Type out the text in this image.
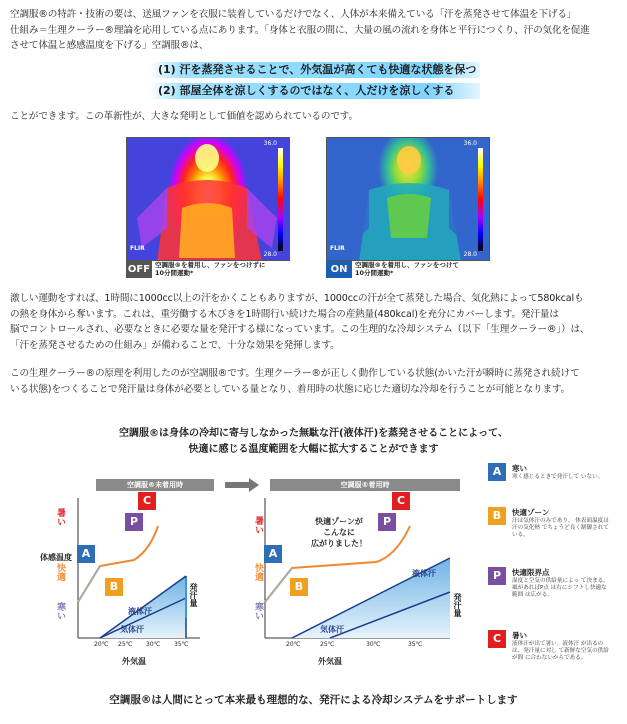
空調服®の特許・技術の要は、送風ファンを衣服に装着しているだけでなく、人体が本来備えている「汗を蒸発させて体温を下げる」
仕組み＝生理クーラー®理論を応用している点にあります。「身体と衣服の間に、大量の風の流れを身体と平行につくり、汗の気化を促進
させて体温と感感温度を下げる」空調服®は、
(1) 汗を蒸発させることで、外気温が高くても快適な状態を保つ
(2) 部屋全体を涼しくするのではなく、人だけを涼しくする
ことができます。この革新性が、大きな発明として価値を認められているのです。
36.0
28.0
FLIR
OFF 空調服®を着用し、ファンをつけずに
10分間運動*
36.0
28.0
FLIR
ON	空調服®を着用し、ファンをつけて
10分間運動*
激しい運動をすれば、1時間に1000cc以上の汗をかくこともありますが、1000ccの汗が全て蒸発した場合、気化熱によって580kcalも
の熱を身体から奪います。これは、重労働する木びきを1時間行い続けた場合の産熱量(480kcal)を充分にカバーします。発汗量は
脳でコントロールされ、必要なときに必要な量を発汗する様になっています。この生理的な冷却システム（以下「生理クーラー®」）は、
「汗を蒸発させるための仕組み」が備わることで、十分な効果を発揮します。
この生理クーラー®の原理を利用したのが空調服®です。生理クーラー®が正しく動作している状態(かいた汗が瞬時に蒸発され続けて
いる状態)をつくることで発汗量は身体が必要としている量となり、着用時の状態に応じた適切な冷却を行うことが可能となります。
空調服®は身体の冷却に寄与しなかった無駄な汗(液体汗)を蒸発させることによって、
快適に感じる温度範囲を大幅に拡大することができます
空調服®未着用時	空調服®着用時
暑い
快適
寒い
体感温度
発汗量
液体汗
気体汗
20℃ 25℃ 30℃ 35℃
外気温
A
B
P
C
暑い
快適
寒い	発汗量
液体汗
気体汗
20℃	25℃	30℃	35℃
外気温
快適ゾーンが
こんなに
広がりました！
A
B
P
C
A	寒い
寒く感じるときで発汗して いない。
B	快適ゾーン
汗は気体汗のみであり、 体表面温度は汗の気化熱 でちょうど良く制御されて いる。
P	快適限界点
湿度と空気の供給量によっ て決まる。風があればP点 は右にシフトし快適な範囲 は広がる。
C	暑い
液体汗が出て暑い。液体汗 が出るのは、発汗量に対し て新鮮な空気の供給が間 に合わないからである。
空調服®は人間にとって本来最も理想的な、発汗による冷却システムをサポートします
